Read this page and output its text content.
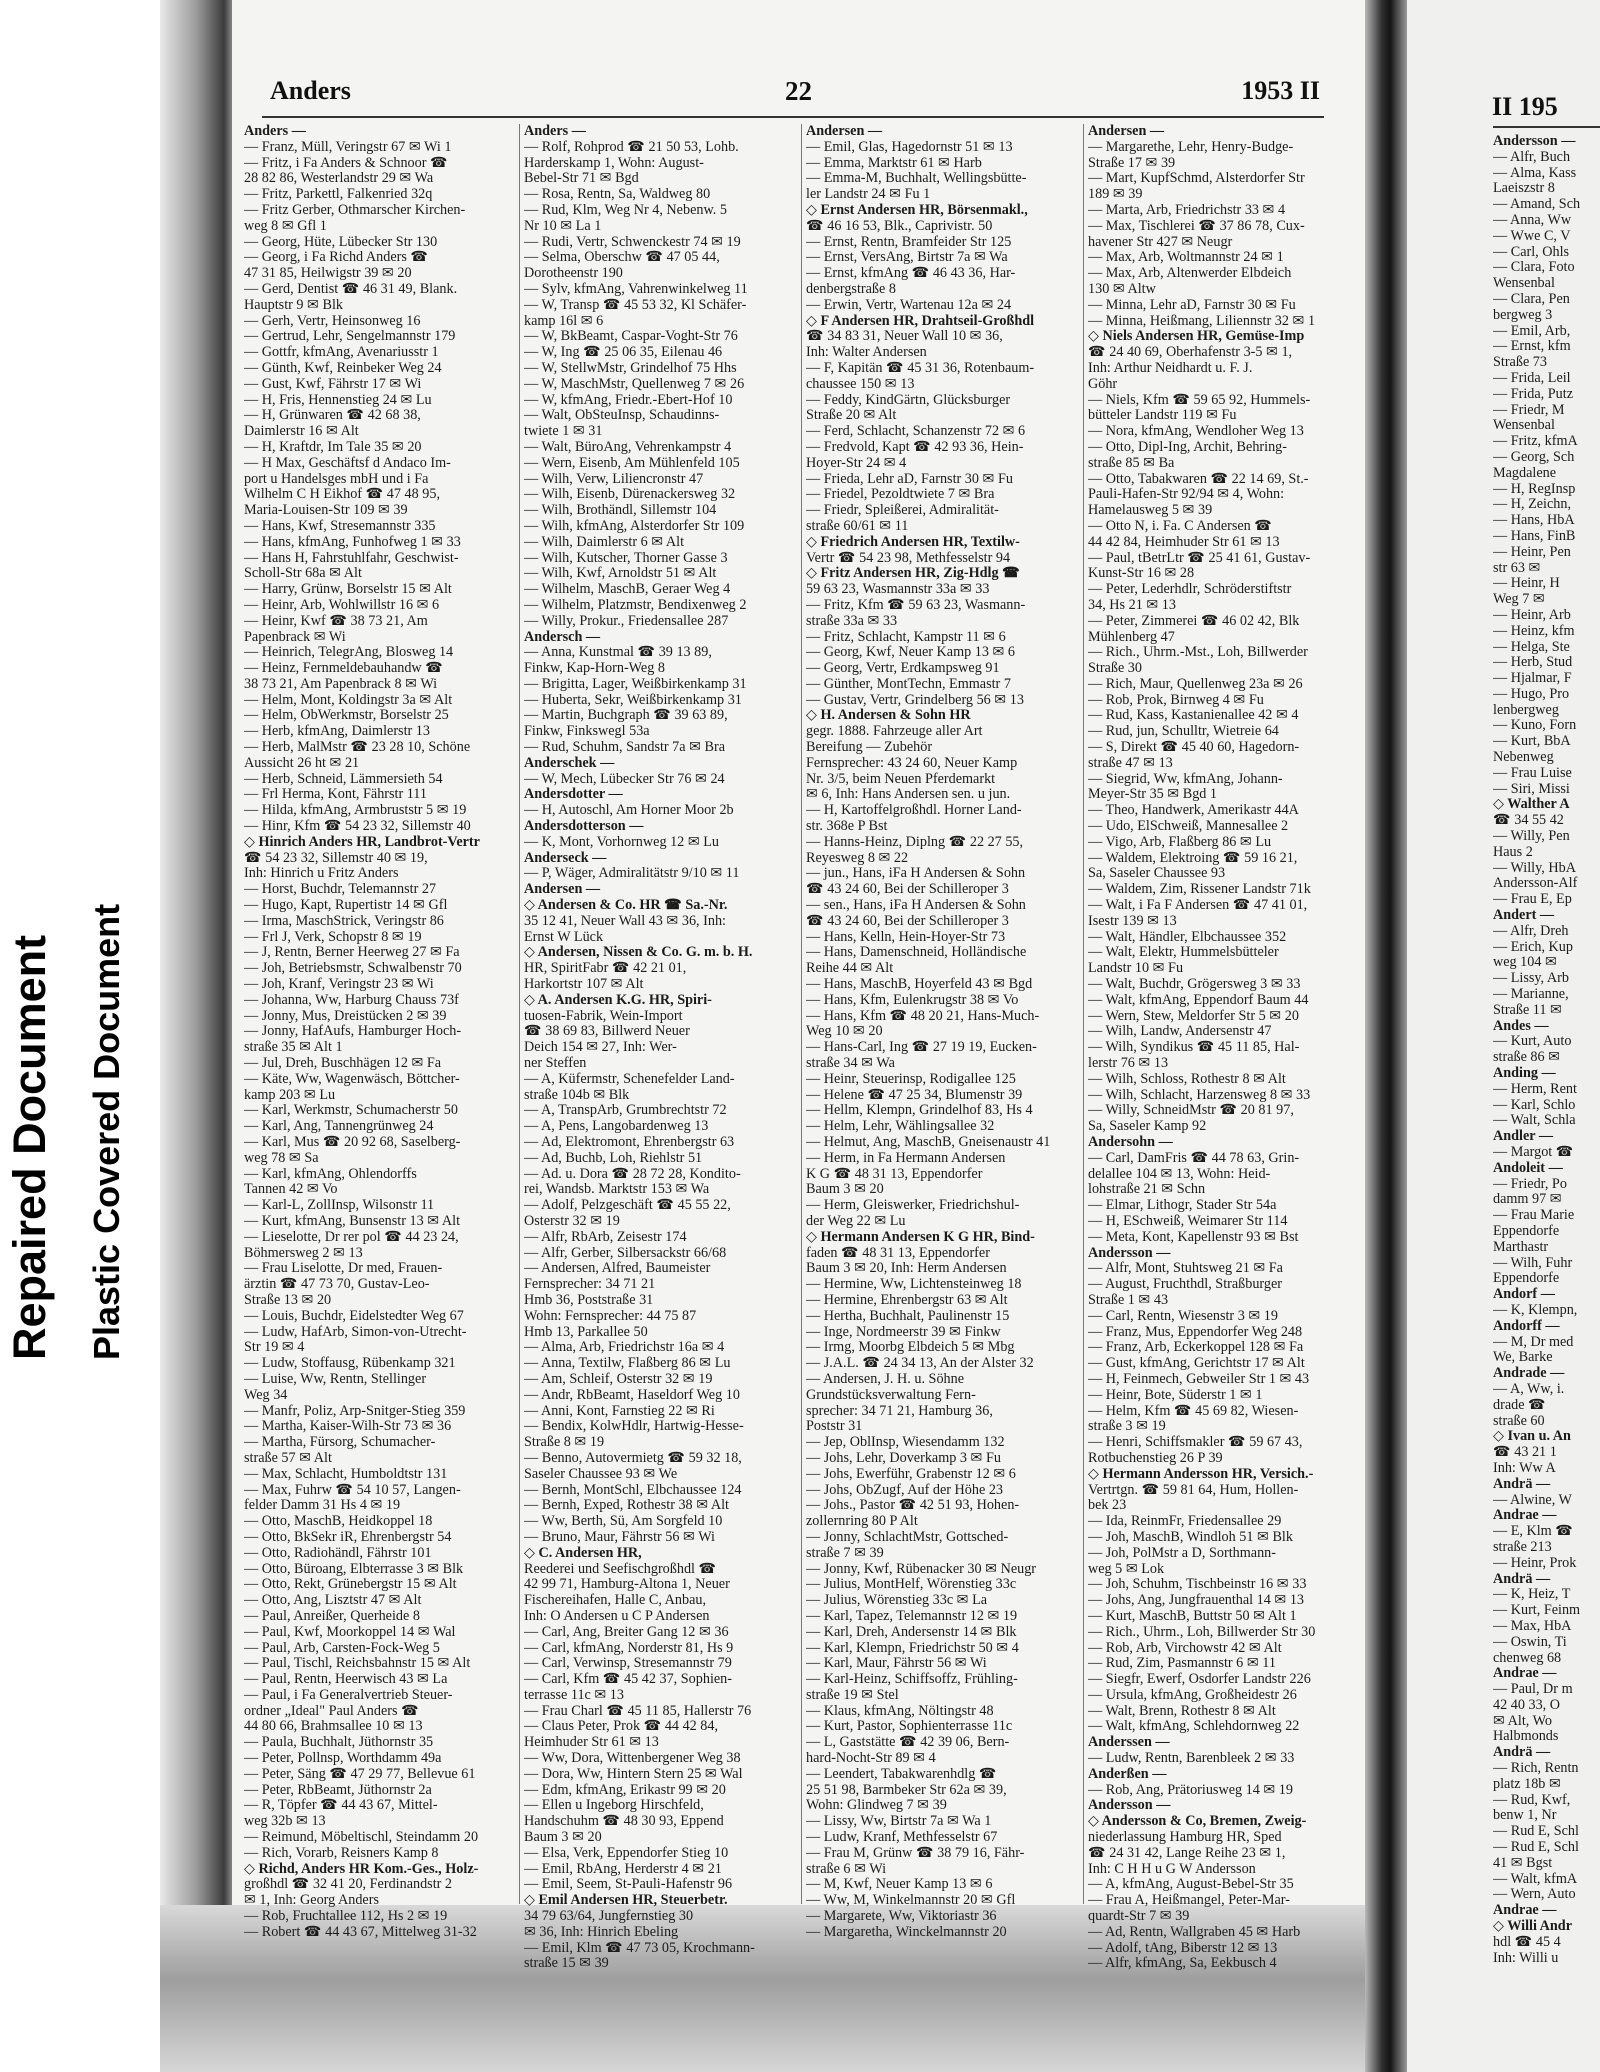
Repaired Document Plastic Covered Document
Anders	22	1953 II
Anders —
— Franz, Müll, Veringstr 67 ✉ Wi 1
— Fritz, i Fa Anders & Schnoor ☎
28 82 86, Westerlandstr 29 ✉ Wa
— Fritz, Parkettl, Falkenried 32q
— Fritz Gerber, Othmarscher Kirchen-
weg 8 ✉ Gfl 1
— Georg, Hüte, Lübecker Str 130
— Georg, i Fa Richd Anders ☎
47 31 85, Heilwigstr 39 ✉ 20
— Gerd, Dentist ☎ 46 31 49, Blank.
Hauptstr 9 ✉ Blk
— Gerh, Vertr, Heinsonweg 16
— Gertrud, Lehr, Sengelmannstr 179
— Gottfr, kfmAng, Avenariusstr 1
— Günth, Kwf, Reinbeker Weg 24
— Gust, Kwf, Fährstr 17 ✉ Wi
— H, Fris, Hennenstieg 24 ✉ Lu
— H, Grünwaren ☎ 42 68 38,
Daimlerstr 16 ✉ Alt
— H, Kraftdr, Im Tale 35 ✉ 20
— H Max, Geschäftsf d Andaco Im-
port u Handelsges mbH und i Fa
Wilhelm C H Eikhof ☎ 47 48 95,
Maria-Louisen-Str 109 ✉ 39
— Hans, Kwf, Stresemannstr 335
— Hans, kfmAng, Funhofweg 1 ✉ 33
— Hans H, Fahrstuhlfahr, Geschwist-
Scholl-Str 68a ✉ Alt
— Harry, Grünw, Borselstr 15 ✉ Alt
— Heinr, Arb, Wohlwillstr 16 ✉ 6
— Heinr, Kwf ☎ 38 73 21, Am
Papenbrack ✉ Wi
— Heinrich, TelegrAng, Blosweg 14
— Heinz, Fernmeldebauhandw ☎
38 73 21, Am Papenbrack 8 ✉ Wi
— Helm, Mont, Koldingstr 3a ✉ Alt
— Helm, ObWerkmstr, Borselstr 25
— Herb, kfmAng, Daimlerstr 13
— Herb, MalMstr ☎ 23 28 10, Schöne
Aussicht 26 ht ✉ 21
— Herb, Schneid, Lämmersieth 54
— Frl Herma, Kont, Fährstr 111
— Hilda, kfmAng, Armbruststr 5 ✉ 19
— Hinr, Kfm ☎ 54 23 32, Sillemstr 40
◇ Hinrich Anders HR, Landbrot-Vertr
☎ 54 23 32, Sillemstr 40 ✉ 19,
Inh: Hinrich u Fritz Anders
— Horst, Buchdr, Telemannstr 27
— Hugo, Kapt, Rupertistr 14 ✉ Gfl
— Irma, MaschStrick, Veringstr 86
— Frl J, Verk, Schopstr 8 ✉ 19
— J, Rentn, Berner Heerweg 27 ✉ Fa
— Joh, Betriebsmstr, Schwalbenstr 70
— Joh, Kranf, Veringstr 23 ✉ Wi
— Johanna, Ww, Harburg Chauss 73f
— Jonny, Mus, Dreistücken 2 ✉ 39
— Jonny, HafAufs, Hamburger Hoch-
straße 35 ✉ Alt 1
— Jul, Dreh, Buschhägen 12 ✉ Fa
— Käte, Ww, Wagenwäsch, Böttcher-
kamp 203 ✉ Lu
— Karl, Werkmstr, Schumacherstr 50
— Karl, Ang, Tannengrünweg 24
— Karl, Mus ☎ 20 92 68, Saselberg-
weg 78 ✉ Sa
— Karl, kfmAng, Ohlendorffs
Tannen 42 ✉ Vo
— Karl-L, ZollInsp, Wilsonstr 11
— Kurt, kfmAng, Bunsenstr 13 ✉ Alt
— Lieselotte, Dr rer pol ☎ 44 23 24,
Böhmersweg 2 ✉ 13
— Frau Liselotte, Dr med, Frauen-
ärztin ☎ 47 73 70, Gustav-Leo-
Straße 13 ✉ 20
— Louis, Buchdr, Eidelstedter Weg 67
— Ludw, HafArb, Simon-von-Utrecht-
Str 19 ✉ 4
— Ludw, Stoffausg, Rübenkamp 321
— Luise, Ww, Rentn, Stellinger
Weg 34
— Manfr, Poliz, Arp-Snitger-Stieg 359
— Martha, Kaiser-Wilh-Str 73 ✉ 36
— Martha, Fürsorg, Schumacher-
straße 57 ✉ Alt
— Max, Schlacht, Humboldtstr 131
— Max, Fuhrw ☎ 54 10 57, Langen-
felder Damm 31 Hs 4 ✉ 19
— Otto, MaschB, Heidkoppel 18
— Otto, BkSekr iR, Ehrenbergstr 54
— Otto, Radiohändl, Fährstr 101
— Otto, Büroang, Elbterrasse 3 ✉ Blk
— Otto, Rekt, Grünebergstr 15 ✉ Alt
— Otto, Ang, Lisztstr 47 ✉ Alt
— Paul, Anreißer, Querheide 8
— Paul, Kwf, Moorkoppel 14 ✉ Wal
— Paul, Arb, Carsten-Fock-Weg 5
— Paul, Tischl, Reichsbahnstr 15 ✉ Alt
— Paul, Rentn, Heerwisch 43 ✉ La
— Paul, i Fa Generalvertrieb Steuer-
ordner „Ideal" Paul Anders ☎
44 80 66, Brahmsallee 10 ✉ 13
— Paula, Buchhalt, Jüthornstr 35
— Peter, Pollnsp, Worthdamm 49a
— Peter, Säng ☎ 47 29 77, Bellevue 61
— Peter, RbBeamt, Jüthornstr 2a
— R, Töpfer ☎ 44 43 67, Mittel-
weg 32b ✉ 13
— Reimund, Möbeltischl, Steindamm 20
— Rich, Vorarb, Reisners Kamp 8
◇ Richd, Anders HR Kom.-Ges., Holz-
großhdl ☎ 32 41 20, Ferdinandstr 2
✉ 1, Inh: Georg Anders
— Rob, Fruchtallee 112, Hs 2 ✉ 19
— Robert ☎ 44 43 67, Mittelweg 31-32
Anders —
— Rolf, Rohprod ☎ 21 50 53, Lohb.
Harderskamp 1, Wohn: August-
Bebel-Str 71 ✉ Bgd
— Rosa, Rentn, Sa, Waldweg 80
— Rud, Klm, Weg Nr 4, Nebenw. 5
Nr 10 ✉ La 1
— Rudi, Vertr, Schwenckestr 74 ✉ 19
— Selma, Oberschw ☎ 47 05 44,
Dorotheenstr 190
— Sylv, kfmAng, Vahrenwinkelweg 11
— W, Transp ☎ 45 53 32, Kl Schäfer-
kamp 16l ✉ 6
— W, BkBeamt, Caspar-Voght-Str 76
— W, Ing ☎ 25 06 35, Eilenau 46
— W, StellwMstr, Grindelhof 75 Hhs
— W, MaschMstr, Quellenweg 7 ✉ 26
— W, kfmAng, Friedr.-Ebert-Hof 10
— Walt, ObSteuInsp, Schaudinns-
twiete 1 ✉ 31
— Walt, BüroAng, Vehrenkampstr 4
— Wern, Eisenb, Am Mühlenfeld 105
— Wilh, Verw, Liliencronstr 47
— Wilh, Eisenb, Dürenackersweg 32
— Wilh, Brothändl, Sillemstr 104
— Wilh, kfmAng, Alsterdorfer Str 109
— Wilh, Daimlerstr 6 ✉ Alt
— Wilh, Kutscher, Thorner Gasse 3
— Wilh, Kwf, Arnoldstr 51 ✉ Alt
— Wilhelm, MaschB, Geraer Weg 4
— Wilhelm, Platzmstr, Bendixenweg 2
— Willy, Prokur., Friedensallee 287
Andersch —
— Anna, Kunstmal ☎ 39 13 89,
Finkw, Kap-Horn-Weg 8
— Brigitta, Lager, Weißbirkenkamp 31
— Huberta, Sekr, Weißbirkenkamp 31
— Martin, Buchgraph ☎ 39 63 89,
Finkw, Finkswegl 53a
— Rud, Schuhm, Sandstr 7a ✉ Bra
Anderschek —
— W, Mech, Lübecker Str 76 ✉ 24
Andersdotter —
— H, Autoschl, Am Horner Moor 2b
Andersdotterson —
— K, Mont, Vorhornweg 12 ✉ Lu
Anderseck —
— P, Wäger, Admiralitätstr 9/10 ✉ 11
Andersen —
◇ Andersen & Co. HR ☎ Sa.-Nr.
35 12 41, Neuer Wall 43 ✉ 36, Inh:
Ernst W Lück
◇ Andersen, Nissen & Co. G. m. b. H.
HR, SpiritFabr ☎ 42 21 01,
Harkortstr 107 ✉ Alt
◇ A. Andersen K.G. HR, Spiri-
tuosen-Fabrik, Wein-Import
☎ 38 69 83, Billwerd Neuer
Deich 154 ✉ 27, Inh: Wer-
ner Steffen
— A, Küfermstr, Schenefelder Land-
straße 104b ✉ Blk
— A, TranspArb, Grumbrechtstr 72
— A, Pens, Langobardenweg 13
— Ad, Elektromont, Ehrenbergstr 63
— Ad, Buchb, Loh, Riehlstr 51
— Ad. u. Dora ☎ 28 72 28, Kondito-
rei, Wandsb. Marktstr 153 ✉ Wa
— Adolf, Pelzgeschäft ☎ 45 55 22,
Osterstr 32 ✉ 19
— Alfr, RbArb, Zeisestr 174
— Alfr, Gerber, Silbersackstr 66/68
— Andersen, Alfred, Baumeister
Fernsprecher: 34 71 21
Hmb 36, Poststraße 31
Wohn: Fernsprecher: 44 75 87
Hmb 13, Parkallee 50
— Alma, Arb, Friedrichstr 16a ✉ 4
— Anna, Textilw, Flaßberg 86 ✉ Lu
— Am, Schleif, Osterstr 32 ✉ 19
— Andr, RbBeamt, Haseldorf Weg 10
— Anni, Kont, Farnstieg 22 ✉ Ri
— Bendix, KolwHdlr, Hartwig-Hesse-
Straße 8 ✉ 19
— Benno, Autovermietg ☎ 59 32 18,
Saseler Chaussee 93 ✉ We
— Bernh, MontSchl, Elbchaussee 124
— Bernh, Exped, Rothestr 38 ✉ Alt
— Ww, Berth, Sü, Am Sorgfeld 10
— Bruno, Maur, Fährstr 56 ✉ Wi
◇ C. Andersen HR,
Reederei und Seefischgroßhdl ☎
42 99 71, Hamburg-Altona 1, Neuer
Fischereihafen, Halle C, Anbau,
Inh: O Andersen u C P Andersen
— Carl, Ang, Breiter Gang 12 ✉ 36
— Carl, kfmAng, Norderstr 81, Hs 9
— Carl, Verwinsp, Stresemannstr 79
— Carl, Kfm ☎ 45 42 37, Sophien-
terrasse 11c ✉ 13
— Frau Charl ☎ 45 11 85, Hallerstr 76
— Claus Peter, Prok ☎ 44 42 84,
Heimhuder Str 61 ✉ 13
— Ww, Dora, Wittenbergener Weg 38
— Dora, Ww, Hintern Stern 25 ✉ Wal
— Edm, kfmAng, Erikastr 99 ✉ 20
— Ellen u Ingeborg Hirschfeld,
Handschuhm ☎ 48 30 93, Eppend
Baum 3 ✉ 20
— Elsa, Verk, Eppendorfer Stieg 10
— Emil, RbAng, Herderstr 4 ✉ 21
— Emil, Seem, St-Pauli-Hafenstr 96
◇ Emil Andersen HR, Steuerbetr.
34 79 63/64, Jungfernstieg 30
✉ 36, Inh: Hinrich Ebeling
— Emil, Klm ☎ 47 73 05, Krochmann-
straße 15 ✉ 39
Andersen —
— Emil, Glas, Hagedornstr 51 ✉ 13
— Emma, Marktstr 61 ✉ Harb
— Emma-M, Buchhalt, Wellingsbütte-
ler Landstr 24 ✉ Fu 1
◇ Ernst Andersen HR, Börsenmakl.,
☎ 46 16 53, Blk., Caprivistr. 50
— Ernst, Rentn, Bramfeider Str 125
— Ernst, VersAng, Birtstr 7a ✉ Wa
— Ernst, kfmAng ☎ 46 43 36, Har-
denbergstraße 8
— Erwin, Vertr, Wartenau 12a ✉ 24
◇ F Andersen HR, Drahtseil-Großhdl
☎ 34 83 31, Neuer Wall 10 ✉ 36,
Inh: Walter Andersen
— F, Kapitän ☎ 45 31 36, Rotenbaum-
chaussee 150 ✉ 13
— Feddy, KindGärtn, Glücksburger
Straße 20 ✉ Alt
— Ferd, Schlacht, Schanzenstr 72 ✉ 6
— Fredvold, Kapt ☎ 42 93 36, Hein-
Hoyer-Str 24 ✉ 4
— Frieda, Lehr aD, Farnstr 30 ✉ Fu
— Friedel, Pezoldtwiete 7 ✉ Bra
— Friedr, Spleißerei, Admiralität-
straße 60/61 ✉ 11
◇ Friedrich Andersen HR, Textilw-
Vertr ☎ 54 23 98, Methfesselstr 94
◇ Fritz Andersen HR, Zig-Hdlg ☎
59 63 23, Wasmannstr 33a ✉ 33
— Fritz, Kfm ☎ 59 63 23, Wasmann-
straße 33a ✉ 33
— Fritz, Schlacht, Kampstr 11 ✉ 6
— Georg, Kwf, Neuer Kamp 13 ✉ 6
— Georg, Vertr, Erdkampsweg 91
— Günther, MontTechn, Emmastr 7
— Gustav, Vertr, Grindelberg 56 ✉ 13
◇ H. Andersen & Sohn HR
gegr. 1888. Fahrzeuge aller Art
Bereifung — Zubehör
Fernsprecher: 43 24 60, Neuer Kamp
Nr. 3/5, beim Neuen Pferdemarkt
✉ 6, Inh: Hans Andersen sen. u jun.
— H, Kartoffelgroßhdl. Horner Land-
str. 368e P Bst
— Hanns-Heinz, Diplng ☎ 22 27 55,
Reyesweg 8 ✉ 22
— jun., Hans, iFa H Andersen & Sohn
☎ 43 24 60, Bei der Schilleroper 3
— sen., Hans, iFa H Andersen & Sohn
☎ 43 24 60, Bei der Schilleroper 3
— Hans, Kelln, Hein-Hoyer-Str 73
— Hans, Damenschneid, Holländische
Reihe 44 ✉ Alt
— Hans, MaschB, Hoyerfeld 43 ✉ Bgd
— Hans, Kfm, Eulenkrugstr 38 ✉ Vo
— Hans, Kfm ☎ 48 20 21, Hans-Much-
Weg 10 ✉ 20
— Hans-Carl, Ing ☎ 27 19 19, Eucken-
straße 34 ✉ Wa
— Heinr, Steuerinsp, Rodigallee 125
— Helene ☎ 47 25 34, Blumenstr 39
— Hellm, Klempn, Grindelhof 83, Hs 4
— Helm, Lehr, Wählingsallee 32
— Helmut, Ang, MaschB, Gneisenaustr 41
— Herm, in Fa Hermann Andersen
K G ☎ 48 31 13, Eppendorfer
Baum 3 ✉ 20
— Herm, Gleiswerker, Friedrichshul-
der Weg 22 ✉ Lu
◇ Hermann Andersen K G HR, Bind-
faden ☎ 48 31 13, Eppendorfer
Baum 3 ✉ 20, Inh: Herm Andersen
— Hermine, Ww, Lichtensteinweg 18
— Hermine, Ehrenbergstr 63 ✉ Alt
— Hertha, Buchhalt, Paulinenstr 15
— Inge, Nordmeerstr 39 ✉ Finkw
— Irmg, Moorbg Elbdeich 5 ✉ Mbg
— J.A.L. ☎ 24 34 13, An der Alster 32
— Andersen, J. H. u. Söhne
Grundstücksverwaltung Fern-
sprecher: 34 71 21, Hamburg 36,
Poststr 31
— Jep, OblInsp, Wiesendamm 132
— Johs, Lehr, Doverkamp 3 ✉ Fu
— Johs, Ewerführ, Grabenstr 12 ✉ 6
— Johs, ObZugf, Auf der Höhe 23
— Johs., Pastor ☎ 42 51 93, Hohen-
zollernring 80 P Alt
— Jonny, SchlachtMstr, Gottsched-
straße 7 ✉ 39
— Jonny, Kwf, Rübenacker 30 ✉ Neugr
— Julius, MontHelf, Wörenstieg 33c
— Julius, Wörenstieg 33c ✉ La
— Karl, Tapez, Telemannstr 12 ✉ 19
— Karl, Dreh, Andersenstr 14 ✉ Blk
— Karl, Klempn, Friedrichstr 50 ✉ 4
— Karl, Maur, Fährstr 56 ✉ Wi
— Karl-Heinz, Schiffsoffz, Frühling-
straße 19 ✉ Stel
— Klaus, kfmAng, Nöltingstr 48
— Kurt, Pastor, Sophienterrasse 11c
— L, Gaststätte ☎ 42 39 06, Bern-
hard-Nocht-Str 89 ✉ 4
— Leendert, Tabakwarenhdlg ☎
25 51 98, Barmbeker Str 62a ✉ 39,
Wohn: Glindweg 7 ✉ 39
— Lissy, Ww, Birtstr 7a ✉ Wa 1
— Ludw, Kranf, Methfesselstr 67
— Frau M, Grünw ☎ 38 79 16, Fähr-
straße 6 ✉ Wi
— M, Kwf, Neuer Kamp 13 ✉ 6
— Ww, M, Winkelmannstr 20 ✉ Gfl
— Margarete, Ww, Viktoriastr 36
— Margaretha, Winckelmannstr 20
Andersen —
— Margarethe, Lehr, Henry-Budge-
Straße 17 ✉ 39
— Mart, KupfSchmd, Alsterdorfer Str
189 ✉ 39
— Marta, Arb, Friedrichstr 33 ✉ 4
— Max, Tischlerei ☎ 37 86 78, Cux-
havener Str 427 ✉ Neugr
— Max, Arb, Woltmannstr 24 ✉ 1
— Max, Arb, Altenwerder Elbdeich
130 ✉ Altw
— Minna, Lehr aD, Farnstr 30 ✉ Fu
— Minna, Heißmang, Liliennstr 32 ✉ 1
◇ Niels Andersen HR, Gemüse-Imp
☎ 24 40 69, Oberhafenstr 3-5 ✉ 1,
Inh: Arthur Neidhardt u. F. J.
Göhr
— Niels, Kfm ☎ 59 65 92, Hummels-
bütteler Landstr 119 ✉ Fu
— Nora, kfmAng, Wendloher Weg 13
— Otto, Dipl-Ing, Archit, Behring-
straße 85 ✉ Ba
— Otto, Tabakwaren ☎ 22 14 69, St.-
Pauli-Hafen-Str 92/94 ✉ 4, Wohn:
Hamelausweg 5 ✉ 39
— Otto N, i. Fa. C Andersen ☎
44 42 84, Heimhuder Str 61 ✉ 13
— Paul, tBetrLtr ☎ 25 41 61, Gustav-
Kunst-Str 16 ✉ 28
— Peter, Lederhdlr, Schröderstiftstr
34, Hs 21 ✉ 13
— Peter, Zimmerei ☎ 46 02 42, Blk
Mühlenberg 47
— Rich., Uhrm.-Mst., Loh, Billwerder
Straße 30
— Rich, Maur, Quellenweg 23a ✉ 26
— Rob, Prok, Birnweg 4 ✉ Fu
— Rud, Kass, Kastanienallee 42 ✉ 4
— Rud, jun, Schulltr, Wietreie 64
— S, Direkt ☎ 45 40 60, Hagedorn-
straße 47 ✉ 13
— Siegrid, Ww, kfmAng, Johann-
Meyer-Str 35 ✉ Bgd 1
— Theo, Handwerk, Amerikastr 44A
— Udo, ElSchweiß, Mannesallee 2
— Vigo, Arb, Flaßberg 86 ✉ Lu
— Waldem, Elektroing ☎ 59 16 21,
Sa, Saseler Chaussee 93
— Waldem, Zim, Rissener Landstr 71k
— Walt, i Fa F Andersen ☎ 47 41 01,
Isestr 139 ✉ 13
— Walt, Händler, Elbchaussee 352
— Walt, Elektr, Hummelsbütteler
Landstr 10 ✉ Fu
— Walt, Buchdr, Grögersweg 3 ✉ 33
— Walt, kfmAng, Eppendorf Baum 44
— Wern, Stew, Meldorfer Str 5 ✉ 20
— Wilh, Landw, Andersenstr 47
— Wilh, Syndikus ☎ 45 11 85, Hal-
lerstr 76 ✉ 13
— Wilh, Schloss, Rothestr 8 ✉ Alt
— Wilh, Schlacht, Harzensweg 8 ✉ 33
— Willy, SchneidMstr ☎ 20 81 97,
Sa, Saseler Kamp 92
Andersohn —
— Carl, DamFris ☎ 44 78 63, Grin-
delallee 104 ✉ 13, Wohn: Heid-
lohstraße 21 ✉ Schn
— Elmar, Lithogr, Stader Str 54a
— H, ESchweiß, Weimarer Str 114
— Meta, Kont, Kapellenstr 93 ✉ Bst
Andersson —
— Alfr, Mont, Stuhtsweg 21 ✉ Fa
— August, Fruchthdl, Straßburger
Straße 1 ✉ 43
— Carl, Rentn, Wiesenstr 3 ✉ 19
— Franz, Mus, Eppendorfer Weg 248
— Franz, Arb, Eckerkoppel 128 ✉ Fa
— Gust, kfmAng, Gerichtstr 17 ✉ Alt
— H, Feinmech, Gebweiler Str 1 ✉ 43
— Heinr, Bote, Süderstr 1 ✉ 1
— Helm, Kfm ☎ 45 69 82, Wiesen-
straße 3 ✉ 19
— Henri, Schiffsmakler ☎ 59 67 43,
Rotbuchenstieg 26 P 39
◇ Hermann Andersson HR, Versich.-
Vertrtgn. ☎ 59 81 64, Hum, Hollen-
bek 23
— Ida, ReinmFr, Friedensallee 29
— Joh, MaschB, Windloh 51 ✉ Blk
— Joh, PolMstr a D, Sorthmann-
weg 5 ✉ Lok
— Joh, Schuhm, Tischbeinstr 16 ✉ 33
— Johs, Ang, Jungfrauenthal 14 ✉ 13
— Kurt, MaschB, Buttstr 50 ✉ Alt 1
— Rich., Uhrm., Loh, Billwerder Str 30
— Rob, Arb, Virchowstr 42 ✉ Alt
— Rud, Zim, Pasmannstr 6 ✉ 11
— Siegfr, Ewerf, Osdorfer Landstr 226
— Ursula, kfmAng, Großheidestr 26
— Walt, Brenn, Rothestr 8 ✉ Alt
— Walt, kfmAng, Schlehdornweg 22
Anderssen —
— Ludw, Rentn, Barenbleek 2 ✉ 33
Anderßen —
— Rob, Ang, Prätoriusweg 14 ✉ 19
Andersson —
◇ Andersson & Co, Bremen, Zweig-
niederlassung Hamburg HR, Sped
☎ 24 31 42, Lange Reihe 23 ✉ 1,
Inh: C H H u G W Andersson
— A, kfmAng, August-Bebel-Str 35
— Frau A, Heißmangel, Peter-Mar-
quardt-Str 7 ✉ 39
— Ad, Rentn, Wallgraben 45 ✉ Harb
— Adolf, tAng, Biberstr 12 ✉ 13
— Alfr, kfmAng, Sa, Eekbusch 4
II 195
Andersson —
— Alfr, Buch
— Alma, Kass
Laeiszstr 8
— Amand, Sch
— Anna, Ww
— Wwe C, V
— Carl, Ohls
— Clara, Foto
Wensenbal
— Clara, Pen
bergweg 3
— Emil, Arb,
— Ernst, kfm
Straße 73
— Frida, Leil
— Frida, Putz
— Friedr, M
Wensenbal
— Fritz, kfmA
— Georg, Sch
Magdalene
— H, RegInsp
— H, Zeichn,
— Hans, HbA
— Hans, FinB
— Heinr, Pen
str 63 ✉
— Heinr, H
Weg 7 ✉
— Heinr, Arb
— Heinz, kfm
— Helga, Ste
— Herb, Stud
— Hjalmar, F
— Hugo, Pro
lenbergweg
— Kuno, Forn
— Kurt, BbA
Nebenweg
— Frau Luise
— Siri, Missi
◇ Walther A
☎ 34 55 42
— Willy, Pen
Haus 2
— Willy, HbA
Andersson-Alf
— Frau E, Ep
Andert —
— Alfr, Dreh
— Erich, Kup
weg 104 ✉
— Lissy, Arb
— Marianne,
Straße 11 ✉
Andes —
— Kurt, Auto
straße 86 ✉
Anding —
— Herm, Rent
— Karl, Schlo
— Walt, Schla
Andler —
— Margot ☎
Andoleit —
— Friedr, Po
damm 97 ✉
— Frau Marie
Eppendorfe
Marthastr
— Wilh, Fuhr
Eppendorfe
Andorf —
— K, Klempn,
Andorff —
— M, Dr med
We, Barke
Andrade —
— A, Ww, i.
drade ☎
straße 60
◇ Ivan u. An
☎ 43 21 1
Inh: Ww A
Andrä —
— Alwine, W
Andrae —
— E, Klm ☎
straße 213
— Heinr, Prok
Andrä —
— K, Heiz, T
— Kurt, Feinm
— Max, HbA
— Oswin, Ti
chenweg 68
Andrae —
— Paul, Dr m
42 40 33, O
✉ Alt, Wo
Halbmonds
Andrä —
— Rich, Rentn
platz 18b ✉
— Rud, Kwf,
benw 1, Nr
— Rud E, Schl
— Rud E, Schl
41 ✉ Bgst
— Walt, kfmA
— Wern, Auto
Andrae —
◇ Willi Andr
hdl ☎ 45 4
Inh: Willi u
